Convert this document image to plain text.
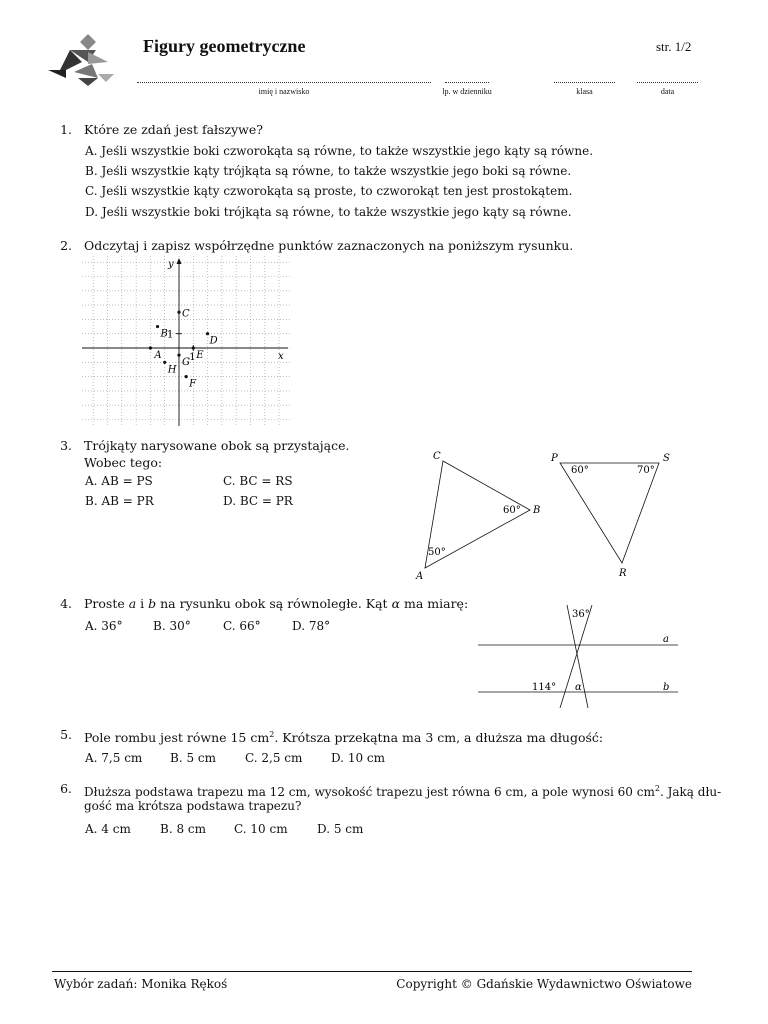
Figury geometryczne	str. 1/2
imię i nazwisko	lp. w dzienniku	klasa	data
1. Które ze zdań jest fałszywe?
A. Jeśli wszystkie boki czworokąta są równe, to także wszystkie jego kąty są równe.
B. Jeśli wszystkie kąty trójkąta są równe, to także wszystkie jego boki są równe.
C. Jeśli wszystkie kąty czworokąta są proste, to czworokąt ten jest prostokątem.
D. Jeśli wszystkie boki trójkąta są równe, to także wszystkie jego kąty są równe.
2. Odczytaj i zapisz współrzędne punktów zaznaczonych na poniższym rysunku.
1
1
x
y
A
B
C
D
E
G
H
F
3. Trójkąty narysowane obok są przystające.
Wobec tego:
A. AB = PS	C. BC = RS
B. AB = PR	D. BC = PR
C
B
A
60°
50°
P	S
R
60°	70°
4. Proste a i b na rysunku obok są równoległe. Kąt α ma miarę:
A. 36°	B. 30°	C. 66°	D. 78°
36°
114° α
a
b
5. Pole rombu jest równe 15 $cm^2$. Krótsza przekątna ma 3 cm, a dłuższa ma długość:
A. 7,5 cm B. 5 cm C. 2,5 cm D. 10 cm
6. Dłuższa podstawa trapezu ma 12 cm, wysokość trapezu jest równa 6 cm, a pole wynosi 60 $cm^2$. Jaką dłu-
gość ma krótsza podstawa trapezu?
A. 4 cm B. 8 cm C. 10 cm D. 5 cm
Wybór zadań: Monika Rękoś	Copyright © Gdańskie Wydawnictwo Oświatowe
